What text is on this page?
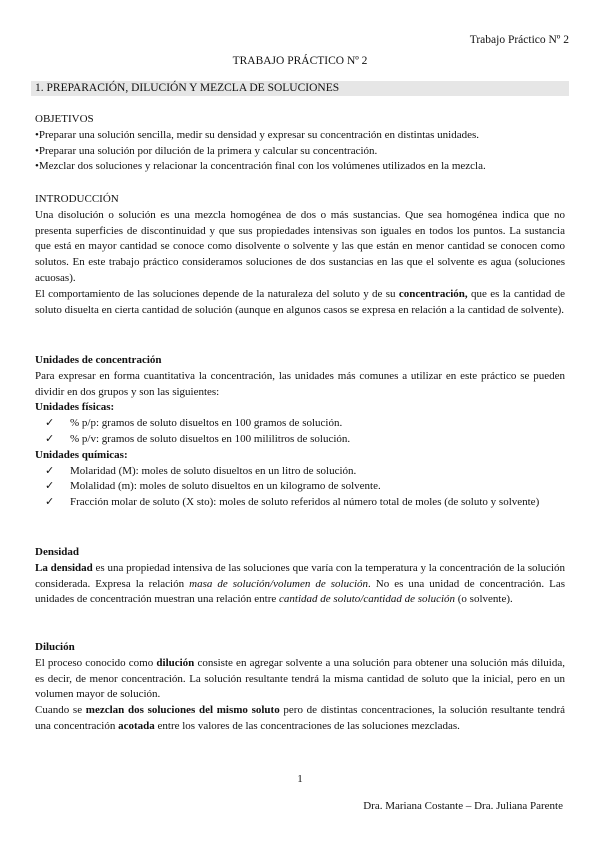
Trabajo Práctico Nº 2
TRABAJO PRÁCTICO Nº 2
1. PREPARACIÓN, DILUCIÓN Y MEZCLA DE SOLUCIONES

OBJETIVOS

•Preparar una solución sencilla, medir su densidad y expresar su concentración en distintas unidades.

•Preparar una solución por dilución de la primera y calcular su concentración.

•Mezclar dos soluciones y relacionar la concentración final con los volúmenes utilizados en la mezcla.

INTRODUCCIÓN

Una disolución o solución es una mezcla homogénea de dos o más sustancias. Que sea homogénea indica que no presenta superficies de discontinuidad y que sus propiedades intensivas son iguales en todos los puntos. La sustancia que está en mayor cantidad se conoce como disolvente o solvente y las que están en menor cantidad se conocen como solutos. En este trabajo práctico consideramos soluciones de dos sustancias en las que el solvente es agua (soluciones acuosas).

El comportamiento de las soluciones depende de la naturaleza del soluto y de su concentración, que es la cantidad de soluto disuelta en cierta cantidad de solución (aunque en algunos casos se expresa en relación a la cantidad de solvente).

Unidades de concentración

Para expresar en forma cuantitativa la concentración, las unidades más comunes a utilizar en este práctico se pueden dividir en dos grupos y son las siguientes:

Unidades físicas:

✓	% p/p: gramos de soluto disueltos en 100 gramos de solución.

✓	% p/v: gramos de soluto disueltos en 100 mililitros de solución.

Unidades químicas:

✓	Molaridad (M): moles de soluto disueltos en un litro de solución.

✓	Molalidad (m): moles de soluto disueltos en un kilogramo de solvente.

✓	Fracción molar de soluto (X sto): moles de soluto referidos al número total de moles (de soluto y solvente)

Densidad

La densidad es una propiedad intensiva de las soluciones que varía con la temperatura y la concentración de la solución considerada. Expresa la relación masa de solución/volumen de solución. No es una unidad de concentración. Las unidades de concentración muestran una relación entre cantidad de soluto/cantidad de solución (o solvente).

Dilución

El proceso conocido como dilución consiste en agregar solvente a una solución para obtener una solución más diluida, es decir, de menor concentración. La solución resultante tendrá la misma cantidad de soluto que la inicial, pero en un volumen mayor de solución.

Cuando se mezclan dos soluciones del mismo soluto pero de distintas concentraciones, la solución resultante tendrá una concentración acotada entre los valores de las concentraciones de las soluciones mezcladas.

1
Dra. Mariana Costante – Dra. Juliana Parente
